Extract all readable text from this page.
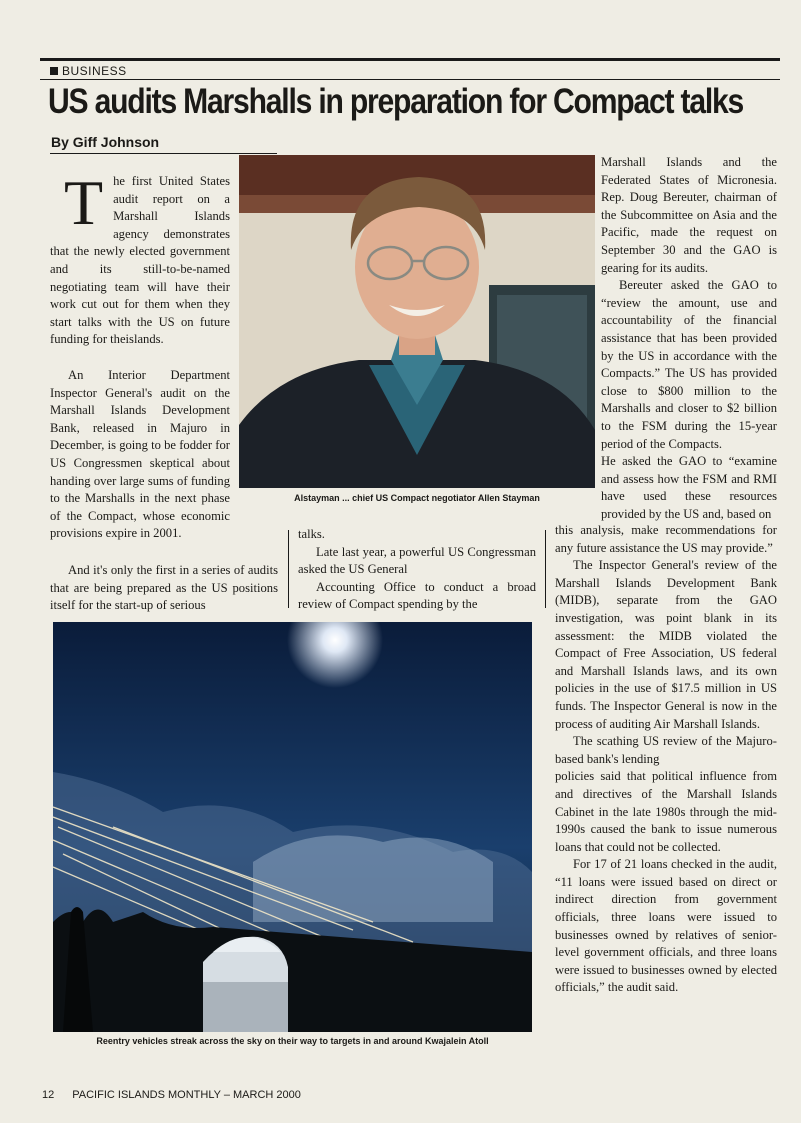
BUSINESS
US audits Marshalls in preparation for Compact talks
By Giff Johnson
T he first United States audit report on a Marshall Islands agency demonstrates that the newly elected government and its still-to-be-named negotiating team will have their work cut out for them when they start talks with the US on future funding for theislands.

An Interior Department Inspector General's audit on the Marshall Islands Development Bank, released in Majuro in December, is going to be fodder for US Congressmen skeptical about handing over large sums of funding to the Marshalls in the next phase of the Compact, whose economic provisions expire in 2001.

And it's only the first in a series of audits that are being prepared as the US positions itself for the start-up of serious

talks.

Late last year, a powerful US Congressman asked the US General

Accounting Office to conduct a broad review of Compact spending by the

Marshall Islands and the Federated States of Micronesia. Rep. Doug Bereuter, chairman of the Subcommittee on Asia and the Pacific, made the request on September 30 and the GAO is gearing for its audits.

Bereuter asked the GAO to “review the amount, use and accountability of the financial assistance that has been provided by the US in accordance with the Compacts.” The US has provided close to $800 million to the Marshalls and closer to $2 billion to the FSM during the 15-year period of the Compacts.

He asked the GAO to “examine and assess how the FSM and RMI have used these resources provided by the US and, based on

this analysis, make recommendations for any future assistance the US may provide.”

The Inspector General's review of the Marshall Islands Development Bank (MIDB), separate from the GAO investigation, was point blank in its assessment: the MIDB violated the Compact of Free Association, US federal and Marshall Islands laws, and its own policies in the use of $17.5 million in US funds. The Inspector General is now in the process of auditing Air Marshall Islands.

The scathing US review of the Majuro-based bank's lending

policies said that political influence from and directives of the Marshall Islands Cabinet in the late 1980s through the mid-1990s caused the bank to issue numerous loans that could not be collected.

For 17 of 21 loans checked in the audit, “11 loans were issued based on direct or indirect direction from government officials, three loans were issued to businesses owned by relatives of senior-level government officials, and three loans were issued to businesses owned by elected officials,” the audit said.

Alstayman ... chief US Compact negotiator Allen Stayman
Reentry vehicles streak across the sky on their way to targets in and around Kwajalein Atoll
12 PACIFIC ISLANDS MONTHLY – MARCH 2000
